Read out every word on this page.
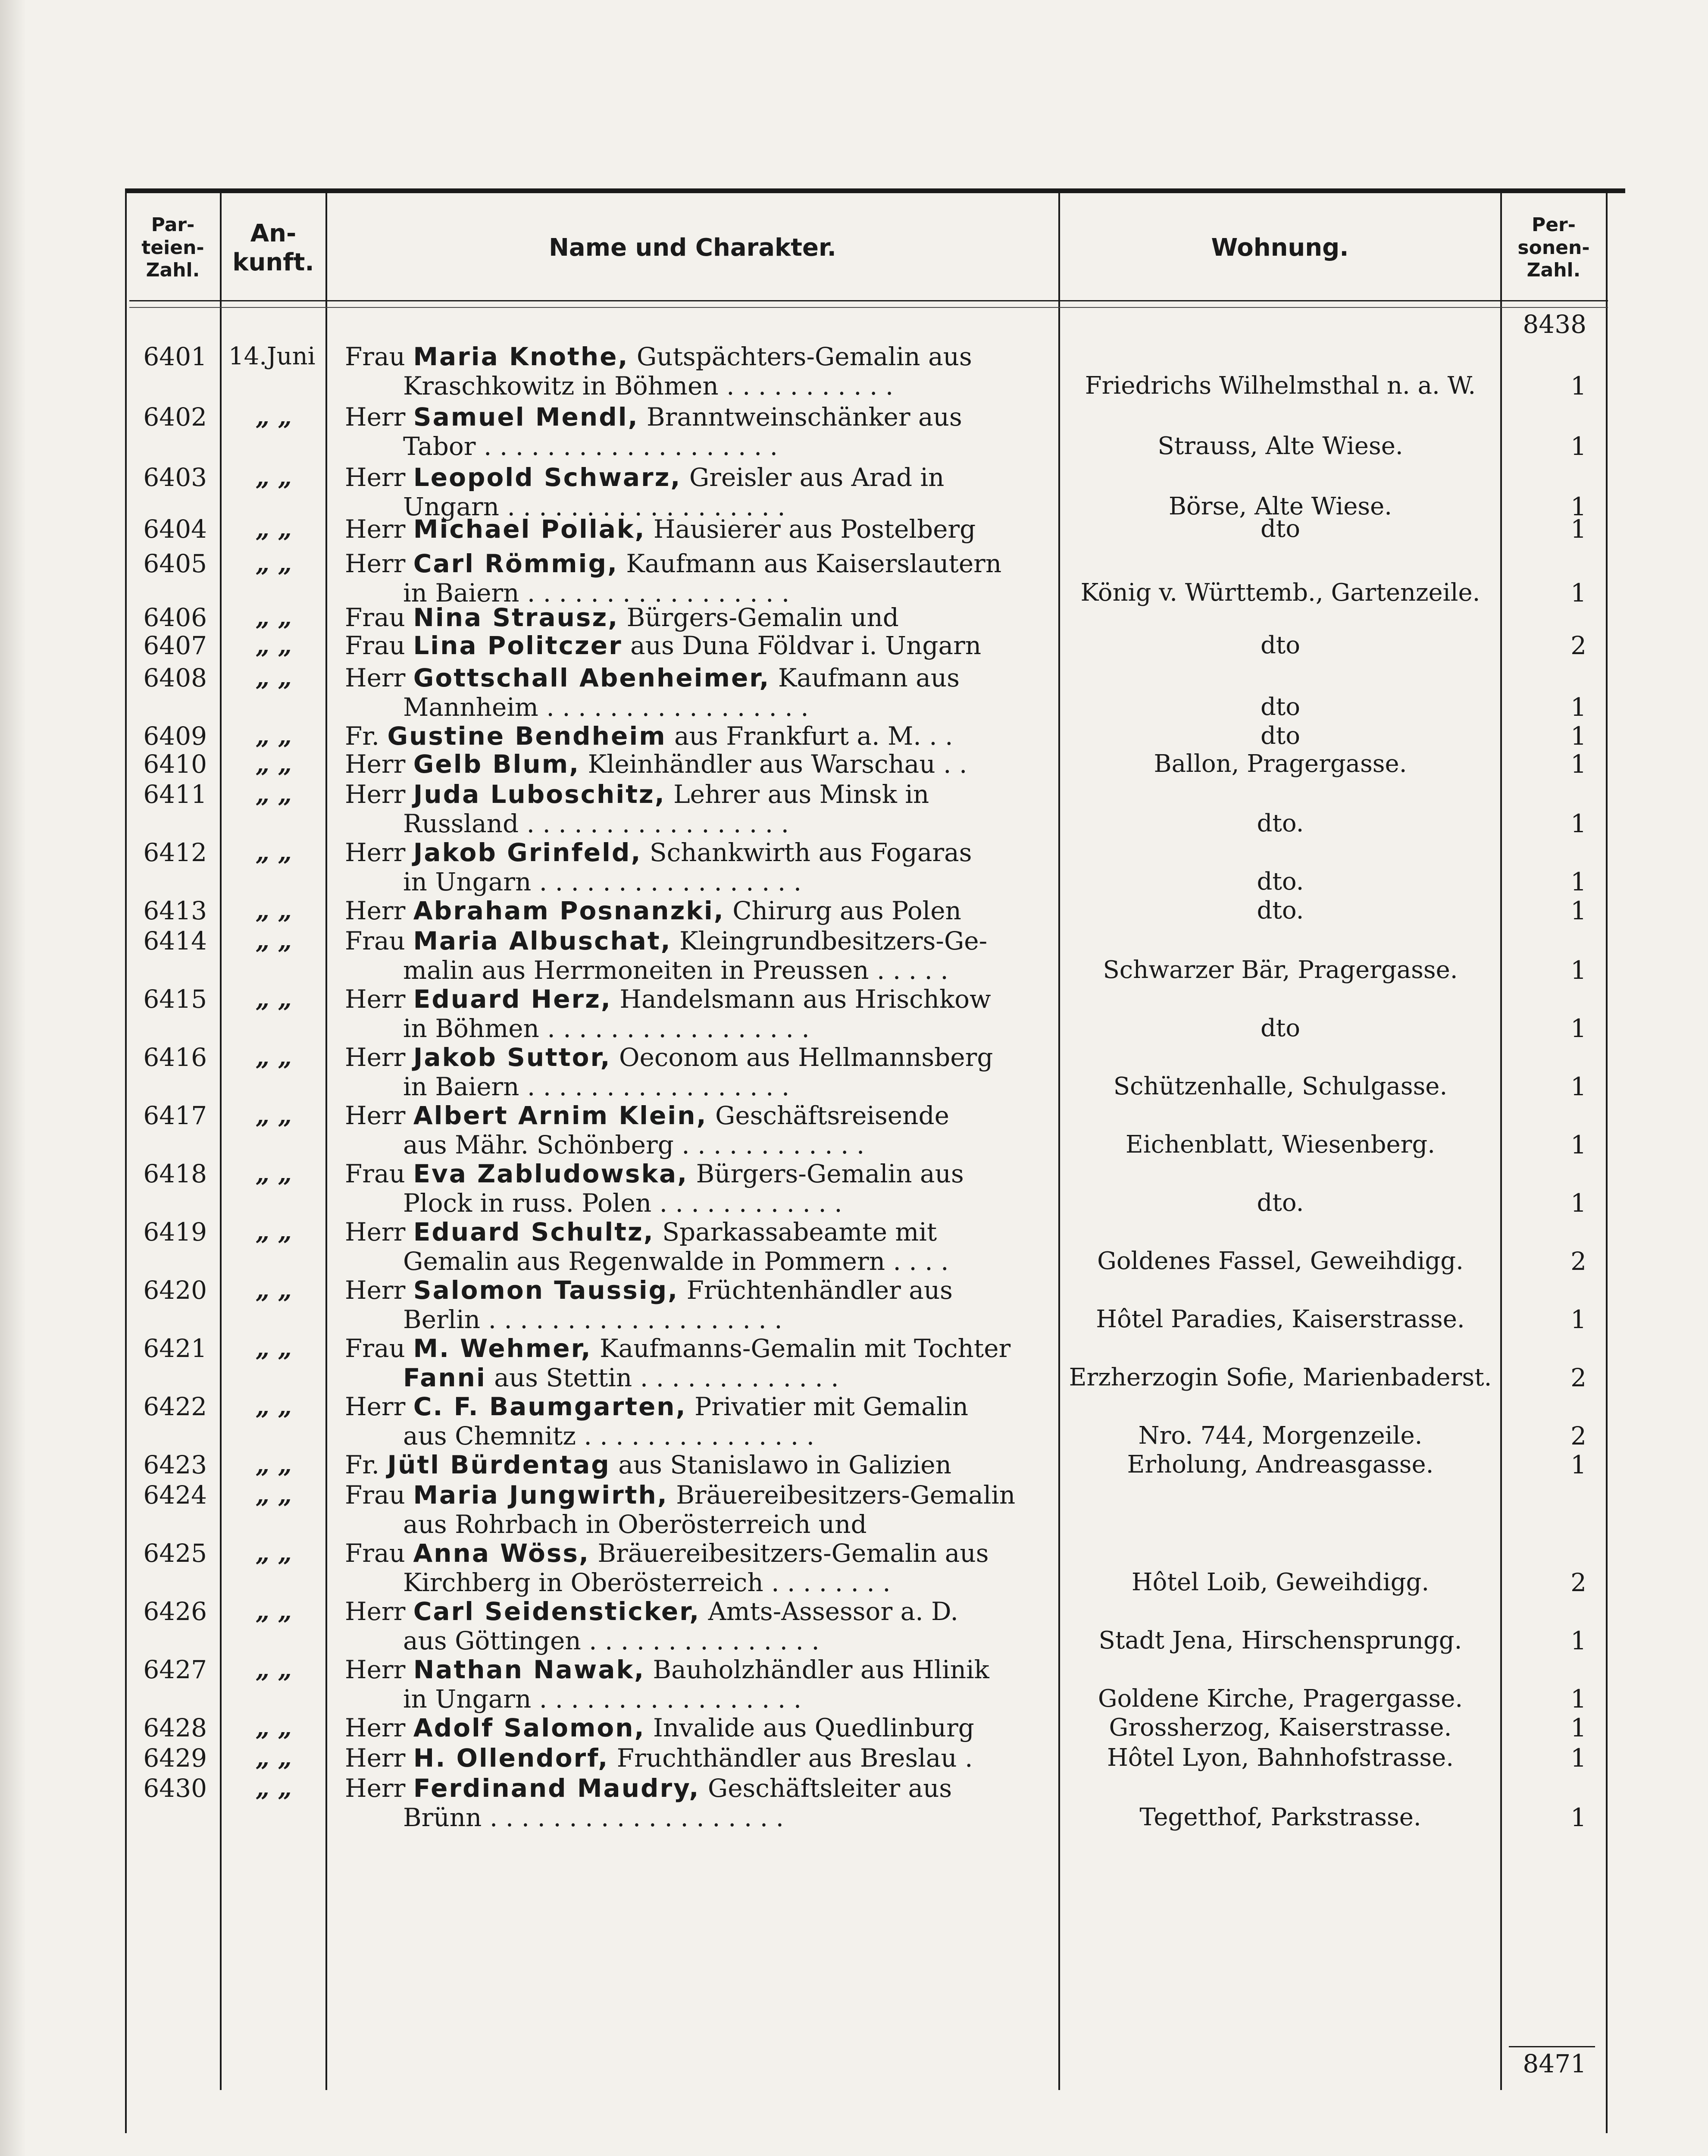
Par-
teien-
Zahl.
An-
kunft.
Name und Charakter.	Wohnung.
Per-
sonen-
Zahl.
8438
6401 14.Juni	Frau Maria Knothe, Gutspächters-Gemalin aus
Kraschkowitz in Böhmen . . . . . . . . . . .	Friedrichs Wilhelmsthal n. a. W.	1
6402	„ „	Herr Samuel Mendl, Branntweinschänker aus
Tabor . . . . . . . . . . . . . . . . . . .	Strauss, Alte Wiese.	1
6403	„ „	Herr Leopold Schwarz, Greisler aus Arad in
Ungarn . . . . . . . . . . . . . . . . . .	Börse, Alte Wiese.	1
6404	„ „	Herr Michael Pollak, Hausierer aus Postelberg	dto	1
6405	„ „	Herr Carl Römmig, Kaufmann aus Kaiserslautern
in Baiern . . . . . . . . . . . . . . . . .	König v. Württemb., Gartenzeile.	1
6406	„ „	Frau Nina Strausz, Bürgers-Gemalin und
6407	„ „	Frau Lina Politczer aus Duna Földvar i. Ungarn	dto	2
6408	„ „	Herr Gottschall Abenheimer, Kaufmann aus
Mannheim . . . . . . . . . . . . . . . . .	dto	1
6409	„ „	Fr. Gustine Bendheim aus Frankfurt a. M. . .	dto	1
6410	„ „	Herr Gelb Blum, Kleinhändler aus Warschau . .	Ballon, Pragergasse.	1
6411	„ „	Herr Juda Luboschitz, Lehrer aus Minsk in
Russland . . . . . . . . . . . . . . . . .	dto.	1
6412	„ „	Herr Jakob Grinfeld, Schankwirth aus Fogaras
in Ungarn . . . . . . . . . . . . . . . . .	dto.	1
6413	„ „	Herr Abraham Posnanzki, Chirurg aus Polen	dto.	1
6414	„ „	Frau Maria Albuschat, Kleingrundbesitzers-Ge-
malin aus Herrmoneiten in Preussen . . . . .	Schwarzer Bär, Pragergasse.	1
6415	„ „	Herr Eduard Herz, Handelsmann aus Hrischkow
in Böhmen . . . . . . . . . . . . . . . . .	dto	1
6416	„ „	Herr Jakob Suttor, Oeconom aus Hellmannsberg
in Baiern . . . . . . . . . . . . . . . . .	Schützenhalle, Schulgasse.	1
6417	„ „	Herr Albert Arnim Klein, Geschäftsreisende
aus Mähr. Schönberg . . . . . . . . . . . .	Eichenblatt, Wiesenberg.	1
6418	„ „	Frau Eva Zabludowska, Bürgers-Gemalin aus
Plock in russ. Polen . . . . . . . . . . . .	dto.	1
6419	„ „	Herr Eduard Schultz, Sparkassabeamte mit
Gemalin aus Regenwalde in Pommern . . . .	Goldenes Fassel, Geweihdigg.	2
6420	„ „	Herr Salomon Taussig, Früchtenhändler aus
Berlin . . . . . . . . . . . . . . . . . . .	Hôtel Paradies, Kaiserstrasse.	1
6421	„ „	Frau M. Wehmer, Kaufmanns-Gemalin mit Tochter
Fanni aus Stettin . . . . . . . . . . . . .	Erzherzogin Sofie, Marienbaderst.	2
6422	„ „	Herr C. F. Baumgarten, Privatier mit Gemalin
aus Chemnitz . . . . . . . . . . . . . . .	Nro. 744, Morgenzeile.	2
6423	„ „	Fr. Jütl Bürdentag aus Stanislawo in Galizien	Erholung, Andreasgasse.	1
6424	„ „	Frau Maria Jungwirth, Bräuereibesitzers-Gemalin
aus Rohrbach in Oberösterreich und
6425	„ „	Frau Anna Wöss, Bräuereibesitzers-Gemalin aus
Kirchberg in Oberösterreich . . . . . . . .	Hôtel Loib, Geweihdigg.	2
6426	„ „	Herr Carl Seidensticker, Amts-Assessor a. D.
aus Göttingen . . . . . . . . . . . . . . .	Stadt Jena, Hirschensprungg.	1
6427	„ „	Herr Nathan Nawak, Bauholzhändler aus Hlinik
in Ungarn . . . . . . . . . . . . . . . . .	Goldene Kirche, Pragergasse.	1
6428	„ „	Herr Adolf Salomon, Invalide aus Quedlinburg	Grossherzog, Kaiserstrasse.	1
6429	„ „	Herr H. Ollendorf, Fruchthändler aus Breslau .	Hôtel Lyon, Bahnhofstrasse.	1
6430	„ „	Herr Ferdinand Maudry, Geschäftsleiter aus
Brünn . . . . . . . . . . . . . . . . . . .	Tegetthof, Parkstrasse.	1
8471
